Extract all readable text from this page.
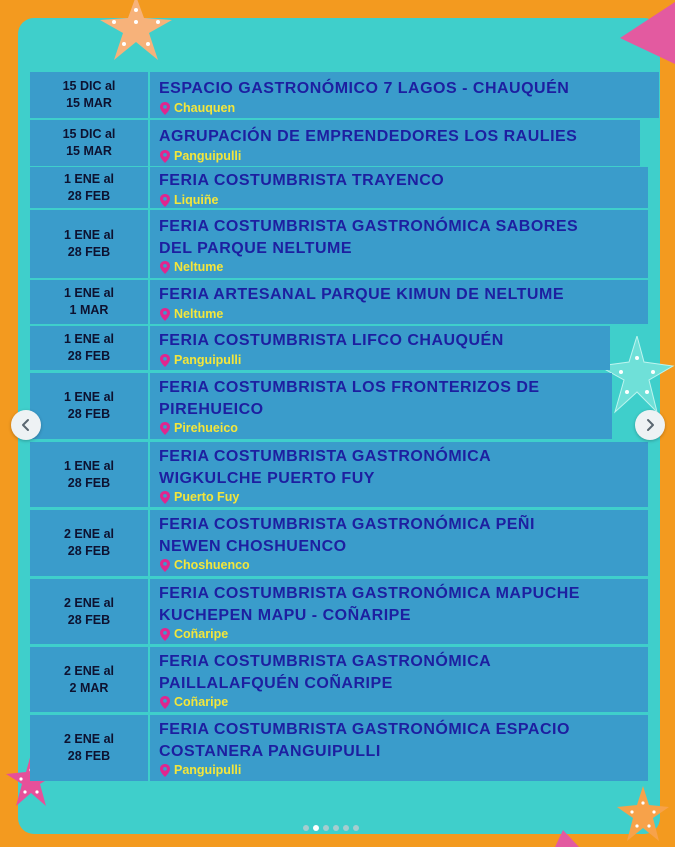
15 DIC al
15 MAR
ESPACIO GASTRONÓMICO 7 LAGOS - CHAUQUÉN
Chauquen
15 DIC al
15 MAR
AGRUPACIÓN DE EMPRENDEDORES LOS RAULIES
Panguipulli
1 ENE al
28 FEB
FERIA COSTUMBRISTA TRAYENCO
Liquiñe
1 ENE al
28 FEB
FERIA COSTUMBRISTA GASTRONÓMICA SABORES
DEL PARQUE NELTUME
Neltume
1 ENE al
1 MAR
FERIA ARTESANAL PARQUE KIMUN DE NELTUME
Neltume
1 ENE al
28 FEB
FERIA COSTUMBRISTA LIFCO CHAUQUÉN
Panguipulli
1 ENE al
28 FEB
FERIA COSTUMBRISTA LOS FRONTERIZOS DE
PIREHUEICO
Pirehueico
1 ENE al
28 FEB
FERIA COSTUMBRISTA GASTRONÓMICA
WIGKULCHE PUERTO FUY
Puerto Fuy
2 ENE al
28 FEB
FERIA COSTUMBRISTA GASTRONÓMICA PEÑI
NEWEN CHOSHUENCO
Choshuenco
2 ENE al
28 FEB
FERIA COSTUMBRISTA GASTRONÓMICA MAPUCHE
KUCHEPEN MAPU - COÑARIPE
Coñaripe
2 ENE al
2 MAR
FERIA COSTUMBRISTA GASTRONÓMICA
PAILLALAFQUÉN COÑARIPE
Coñaripe
2 ENE al
28 FEB
FERIA COSTUMBRISTA GASTRONÓMICA ESPACIO
COSTANERA PANGUIPULLI
Panguipulli
